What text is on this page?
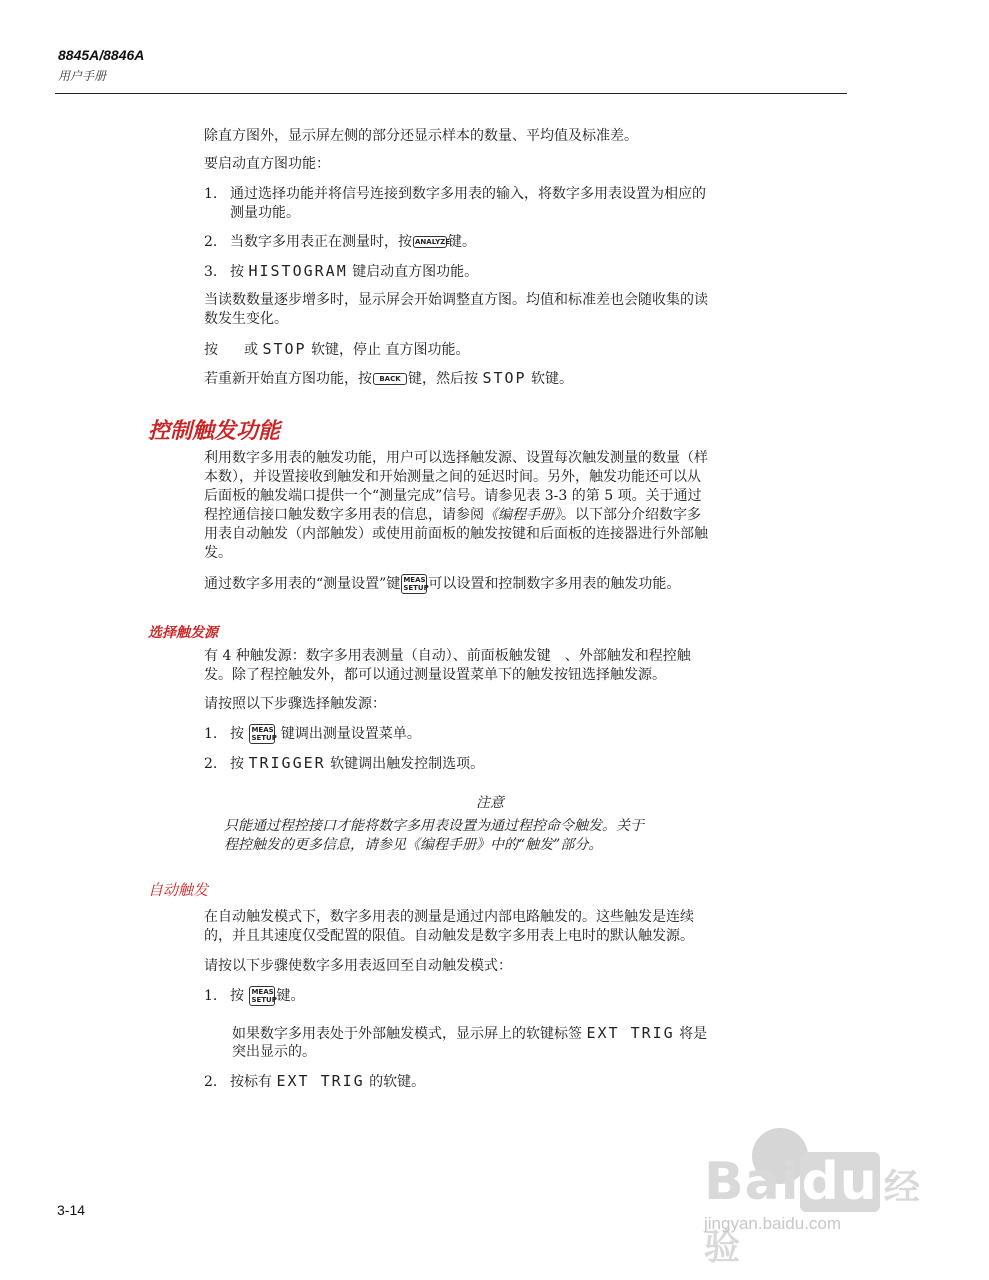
8845A/8846A
用户手册

除直方图外，显示屏左侧的部分还显示样本的数量、平均值及标准差。

要启动直方图功能：

1. 通过选择功能并将信号连接到数字多用表的输入，将数字多用表设置为相应的

测量功能。

2. 当数字多用表正在测量时，按 ANALYZE键。

3. 按 HISTOGRAM 键启动直方图功能。

当读数数量逐步增多时，显示屏会开始调整直方图。均值和标准差也会随收集的读

数发生变化。

按 或 STOP 软键，停止 直方图功能。

若重新开始直方图功能，按 BACK 键，然后按 STOP 软键。

控制触发功能

利用数字多用表的触发功能，用户可以选择触发源、设置每次触发测量的数量（样

本数），并设置接收到触发和开始测量之间的延迟时间。另外，触发功能还可以从

后面板的触发端口提供一个“测量完成”信号。请参见表 3-3 的第 5 项。关于通过

程控通信接口触发数字多用表的信息，请参阅《编程手册》。以下部分介绍数字多

用表自动触发（内部触发）或使用前面板的触发按键和后面板的连接器进行外部触

发。

通过数字多用表的“测量设置”键 MEAS
SETUP可以设置和控制数字多用表的触发功能。

选择触发源

有 4 种触发源：数字多用表测量（自动）、前面板触发键　、外部触发和程控触

发。除了程控触发外，都可以通过测量设置菜单下的触发按钮选择触发源。

请按照以下步骤选择触发源：

1. 按 MEAS
SETUP 键调出测量设置菜单。

2. 按 TRIGGER 软键调出触发控制选项。

注意
只能通过程控接口才能将数字多用表设置为通过程控命令触发。关于
程控触发的更多信息，请参见《编程手册》中的“触发”部分。
自动触发

在自动触发模式下，数字多用表的测量是通过内部电路触发的。这些触发是连续

的，并且其速度仅受配置的限值。自动触发是数字多用表上电时的默认触发源。

请按以下步骤使数字多用表返回至自动触发模式：

1. 按 MEAS
SETUP键。

如果数字多用表处于外部触发模式，显示屏上的软键标签 EXT TRIG 将是

突出显示的。

2. 按标有 EXT TRIG 的软键。

3-14	Baidu 经验
jingyan.baidu.com
